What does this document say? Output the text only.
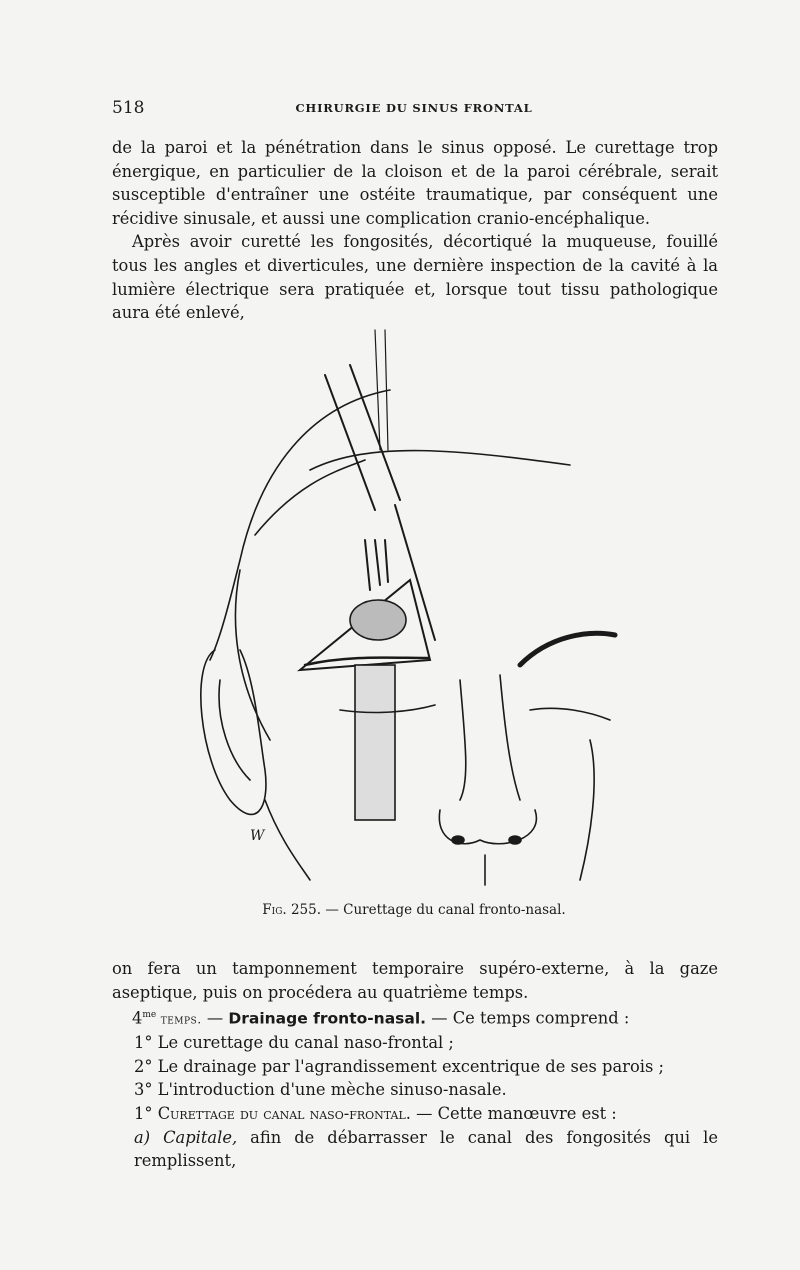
518	CHIRURGIE DU SINUS FRONTAL

de la paroi et la pénétration dans le sinus opposé. Le curettage trop énergique, en particulier de la cloison et de la paroi cérébrale, serait susceptible d'entraîner une ostéite traumatique, par conséquent une récidive sinusale, et aussi une complication cranio-encéphalique.

Après avoir curetté les fongosités, décortiqué la muqueuse, fouillé tous les angles et diverticules, une dernière inspection de la cavité à la lumière électrique sera pratiquée et, lorsque tout tissu pathologique aura été enlevé,

W
Fig. 255. — Curettage du canal fronto-nasal.

on fera un tamponnement temporaire supéro-externe, à la gaze aseptique, puis on procédera au quatrième temps.

$4^{me}$ temps. — Drainage fronto-nasal. — Ce temps comprend :

1° Le curettage du canal naso-frontal ;

2° Le drainage par l'agrandissement excentrique de ses parois ;

3° L'introduction d'une mèche sinuso-nasale.

1° Curettage du canal naso-frontal. — Cette manœuvre est :

a) Capitale, afin de débarrasser le canal des fongosités qui le remplissent,
